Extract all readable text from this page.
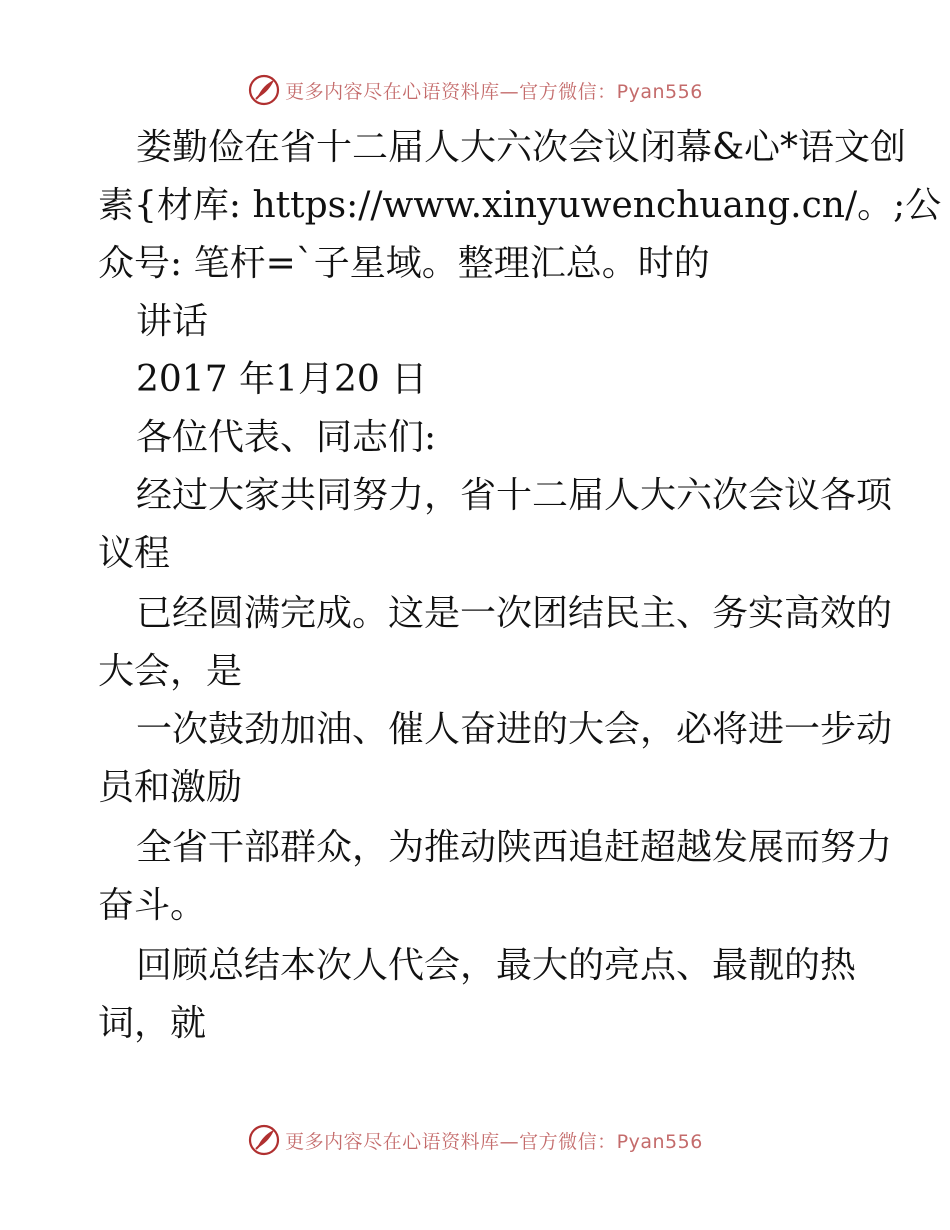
更多内容尽在心语资料库—官方微信：Pyan556
娄勤俭在省十二届人大六次会议闭幕&心*语文创
素{材库: https://www.xinyuwenchuang.cn/。;公
众号: 笔杆=`子星域。整理汇总。时的
讲话
2017 年1月20 日
各位代表、同志们:
经过大家共同努力，省十二届人大六次会议各项
议程
已经圆满完成。这是一次团结民主、务实高效的
大会，是
一次鼓劲加油、催人奋进的大会，必将进一步动
员和激励
全省干部群众，为推动陕西追赶超越发展而努力
奋斗。
回顾总结本次人代会，最大的亮点、最靓的热
词，就
更多内容尽在心语资料库—官方微信：Pyan556
